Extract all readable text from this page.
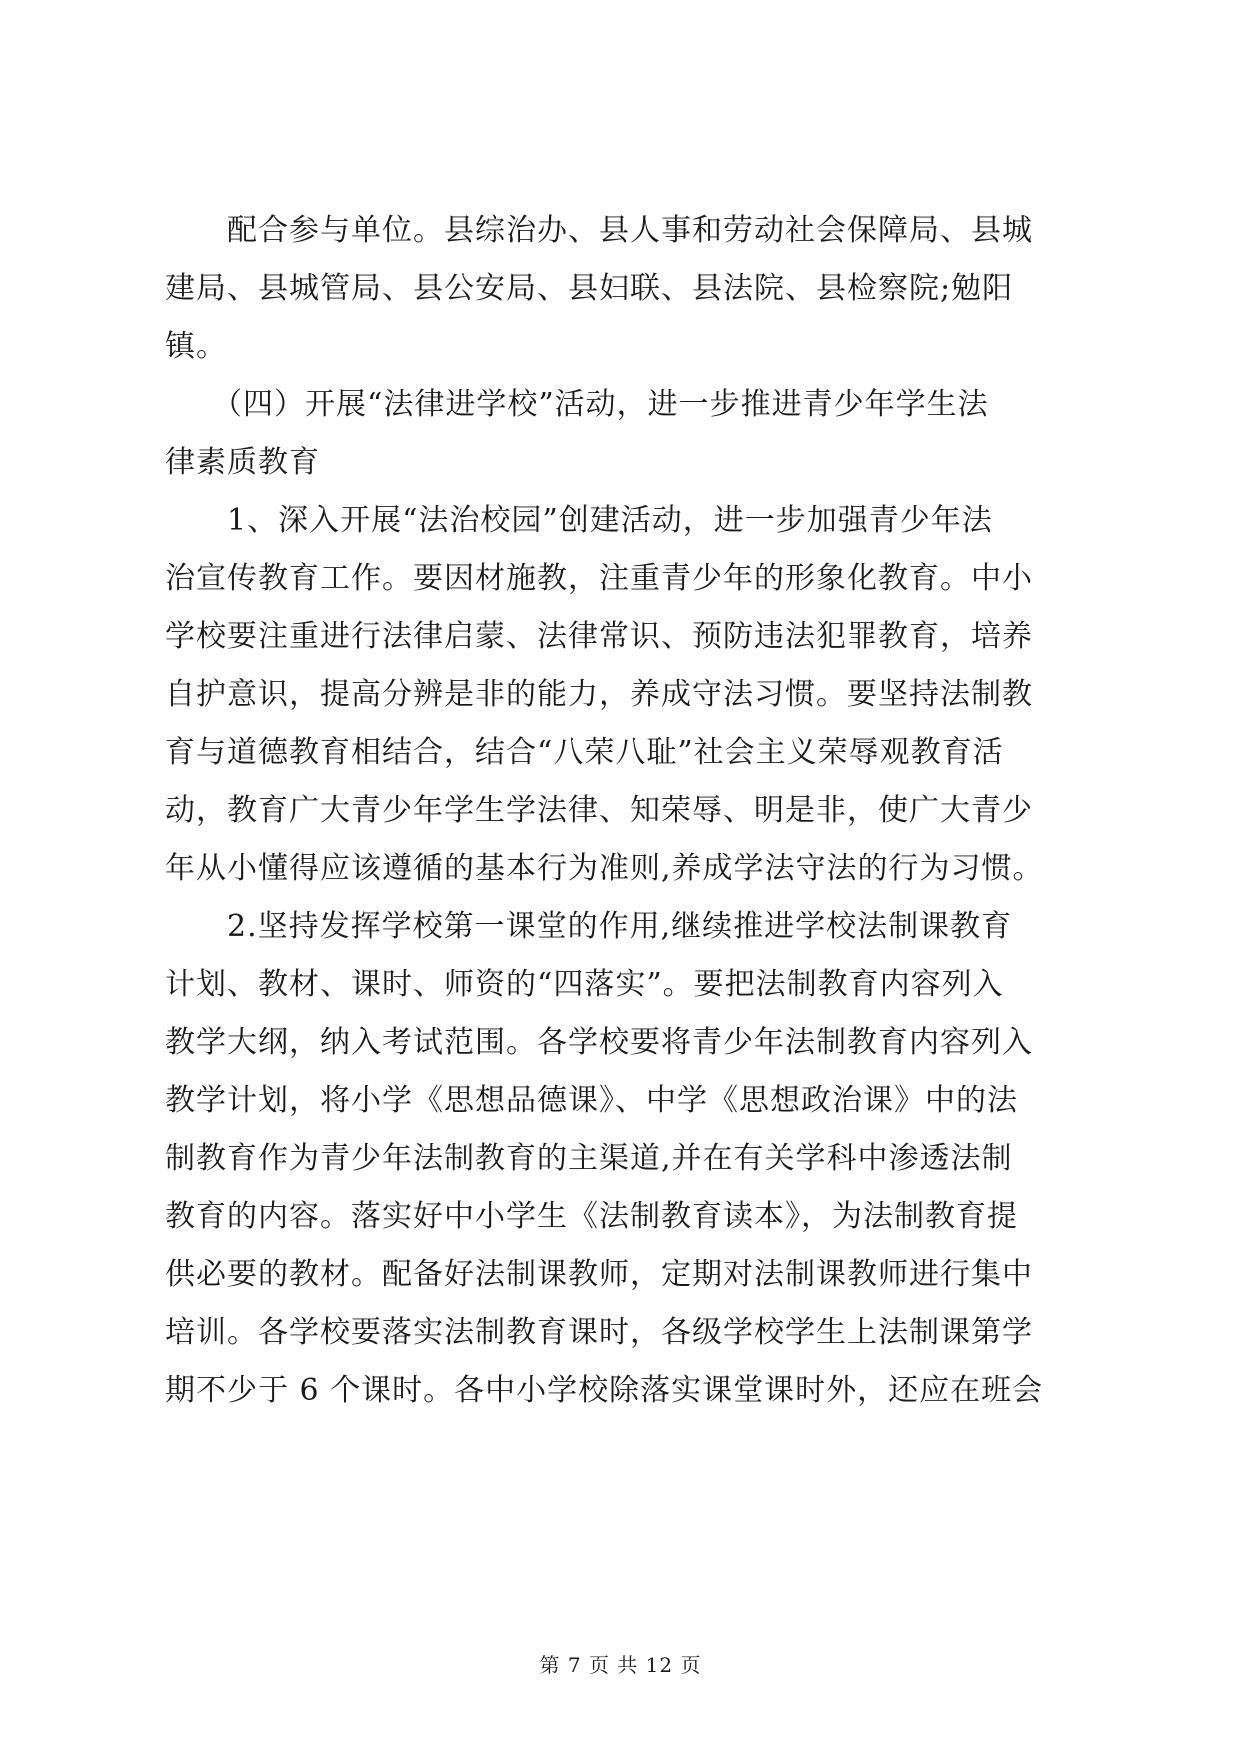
　　配合参与单位。县综治办、县人事和劳动社会保障局、县城
建局、县城管局、县公安局、县妇联、县法院、县检察院;勉阳
镇。
　　（四）开展“法律进学校”活动，进一步推进青少年学生法
律素质教育
　　1、深入开展“法治校园”创建活动，进一步加强青少年法
治宣传教育工作。要因材施教，注重青少年的形象化教育。中小
学校要注重进行法律启蒙、法律常识、预防违法犯罪教育，培养
自护意识，提高分辨是非的能力，养成守法习惯。要坚持法制教
育与道德教育相结合，结合“八荣八耻”社会主义荣辱观教育活
动，教育广大青少年学生学法律、知荣辱、明是非，使广大青少
年从小懂得应该遵循的基本行为准则,养成学法守法的行为习惯。
　　2.坚持发挥学校第一课堂的作用,继续推进学校法制课教育
计划、教材、课时、师资的“四落实”。要把法制教育内容列入
教学大纲，纳入考试范围。各学校要将青少年法制教育内容列入
教学计划，将小学《思想品德课》、中学《思想政治课》中的法
制教育作为青少年法制教育的主渠道,并在有关学科中渗透法制
教育的内容。落实好中小学生《法制教育读本》，为法制教育提
供必要的教材。配备好法制课教师，定期对法制课教师进行集中
培训。各学校要落实法制教育课时，各级学校学生上法制课第学
期不少于 6 个课时。各中小学校除落实课堂课时外，还应在班会
第 7 页 共 12 页
